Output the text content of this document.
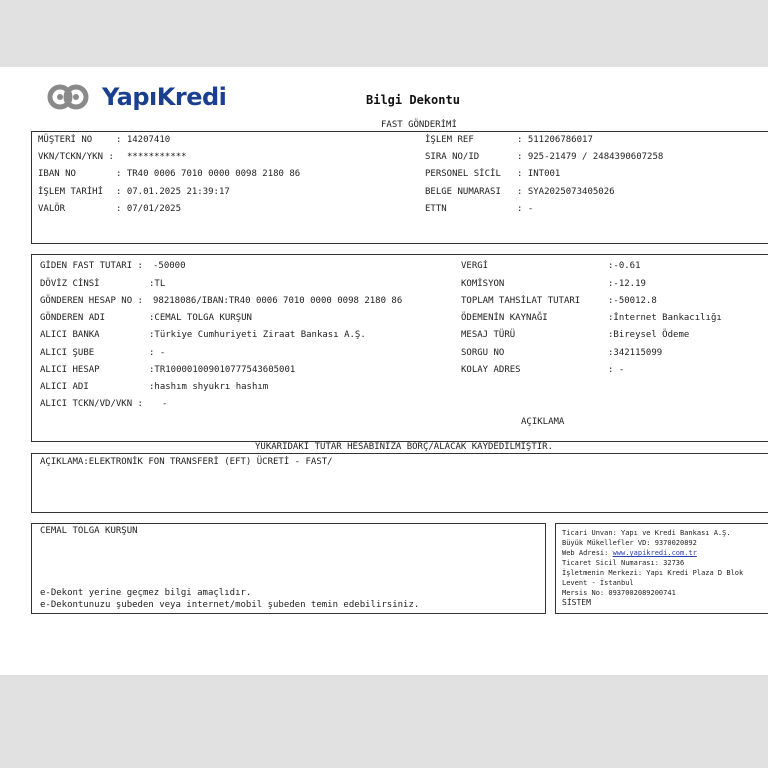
YapıKredi	Bilgi Dekontu
FAST GÖNDERİMİ
MÜŞTERİ NO	: 14207410
VKN/TCKN/YKN : ***********
IBAN NO	: TR40 0006 7010 0000 0098 2180 86
İŞLEM TARİHİ : 07.01.2025 21:39:17
VALÖR	: 07/01/2025
İŞLEM REF	: 511206786017
SIRA NO/ID	: 925-21479 / 2484390607258
PERSONEL SİCİL : INT001
BELGE NUMARASI : SYA2025073405026
ETTN	: -
GİDEN FAST TUTARI : -50000
DÖVİZ CİNSİ	:TL
GÖNDEREN HESAP NO : 98218086/IBAN:TR40 0006 7010 0000 0098 2180 86
GÖNDEREN ADI	:CEMAL TOLGA KURŞUN
ALICI BANKA	:Türkiye Cumhuriyeti Ziraat Bankası A.Ş.
ALICI ŞUBE	: -
ALICI HESAP	:TR100001009010777543605001
ALICI ADI	:hashım shyukrı hashım
ALICI TCKN/VD/VKN : -
VERGİ	:-0.61
KOMİSYON	:-12.19
TOPLAM TAHSİLAT TUTARI	:-50012.8
ÖDEMENİN KAYNAĞI	:İnternet Bankacılığı
MESAJ TÜRÜ	:Bireysel Ödeme
SORGU NO	:342115099
KOLAY ADRES	: -
AÇIKLAMA
YUKARIDAKİ TUTAR HESABINIZA BORÇ/ALACAK KAYDEDİLMİŞTİR.
AÇIKLAMA:ELEKTRONİK FON TRANSFERİ (EFT) ÜCRETİ - FAST/
CEMAL TOLGA KURŞUN
e-Dekont yerine geçmez bilgi amaçlıdır.
e-Dekontunuzu şubeden veya internet/mobil şubeden temin edebilirsiniz.
Ticari Unvan: Yapı ve Kredi Bankası A.Ş.
Büyük Mükellefler VD: 9370020892
Web Adresi: www.yapikredi.com.tr
Ticaret Sicil Numarası: 32736
İşletmenin Merkezi: Yapı Kredi Plaza D Blok
Levent - İstanbul
Mersis No: 0937002089200741
SİSTEM
